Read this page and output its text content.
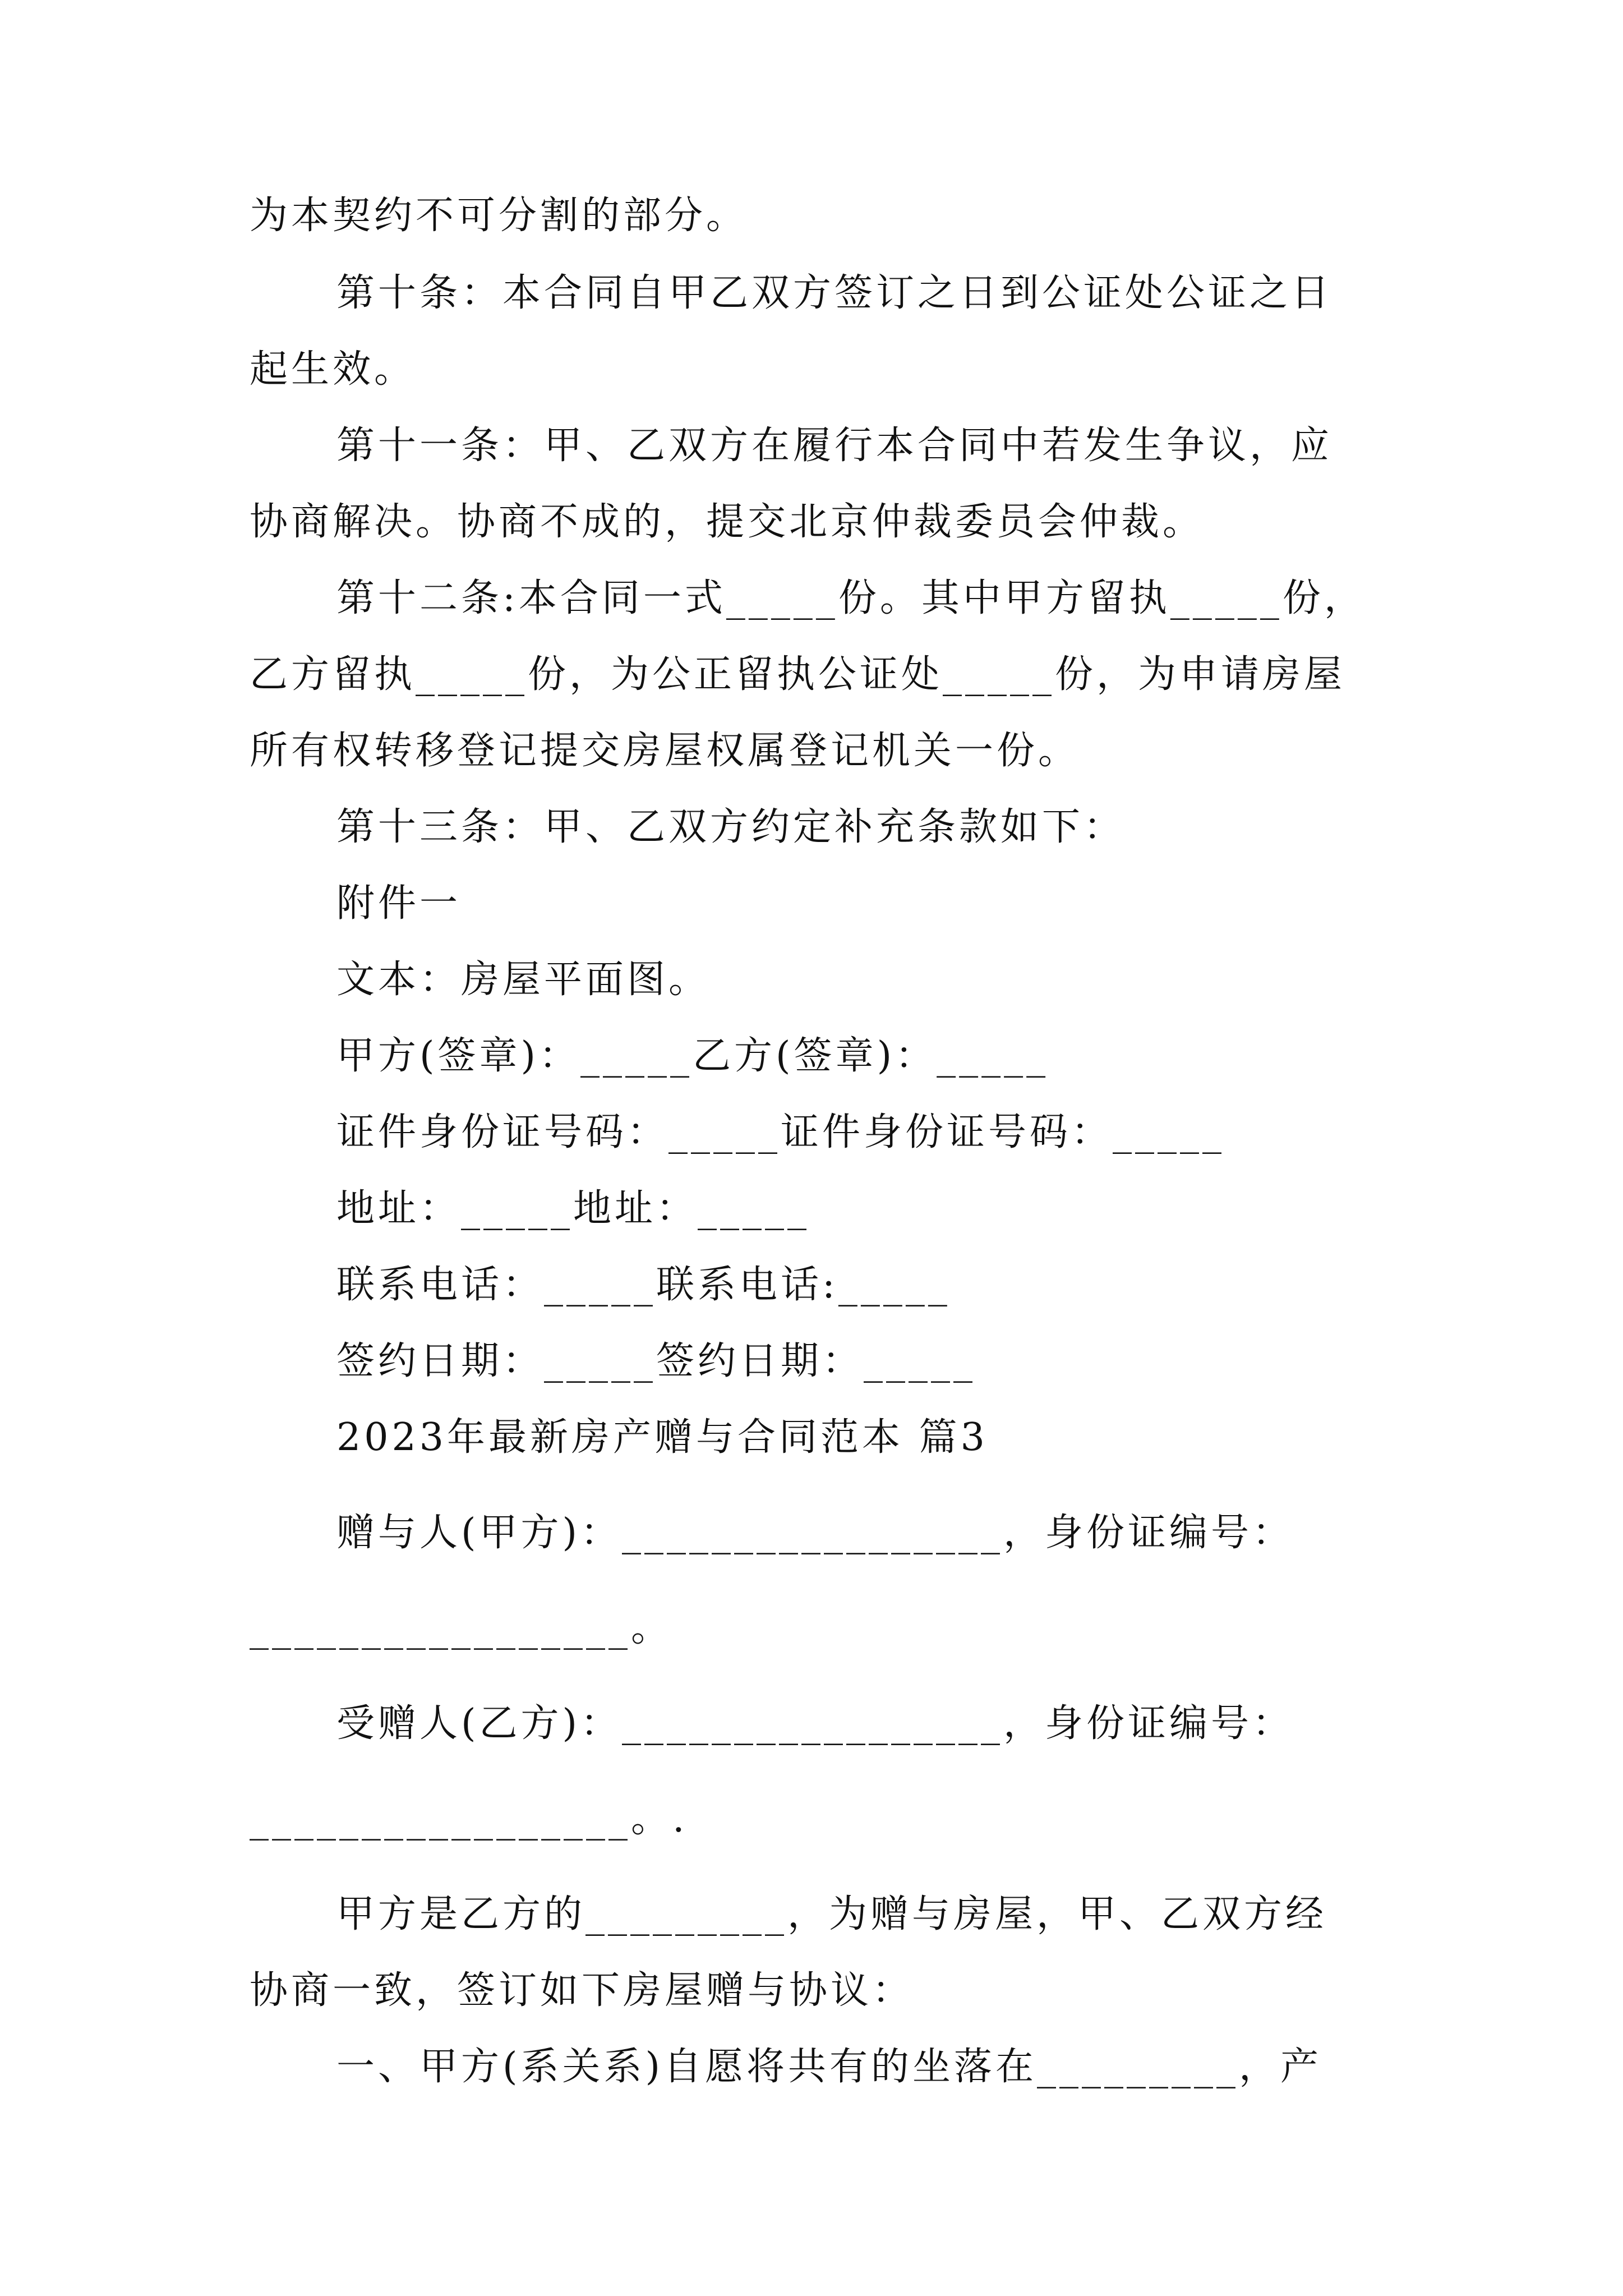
为本契约不可分割的部分。
第十条：本合同自甲乙双方签订之日到公证处公证之日
起生效。
第十一条：甲、乙双方在履行本合同中若发生争议，应
协商解决。协商不成的，提交北京仲裁委员会仲裁。
第十二条:本合同一式_____份。其中甲方留执_____份，
乙方留执_____份，为公正留执公证处_____份，为申请房屋
所有权转移登记提交房屋权属登记机关一份。
第十三条：甲、乙双方约定补充条款如下：
附件一
文本：房屋平面图。
甲方(签章)：_____乙方(签章)：_____
证件身份证号码：_____证件身份证号码：_____
地址：_____地址：_____
联系电话：_____联系电话:_____
签约日期：_____签约日期：_____
2023年最新房产赠与合同范本 篇3
赠与人(甲方)：_________________，身份证编号：
_________________。
受赠人(乙方)：_________________，身份证编号：
_________________。.
甲方是乙方的_________，为赠与房屋，甲、乙双方经
协商一致，签订如下房屋赠与协议：
一、甲方(系关系)自愿将共有的坐落在_________，产
